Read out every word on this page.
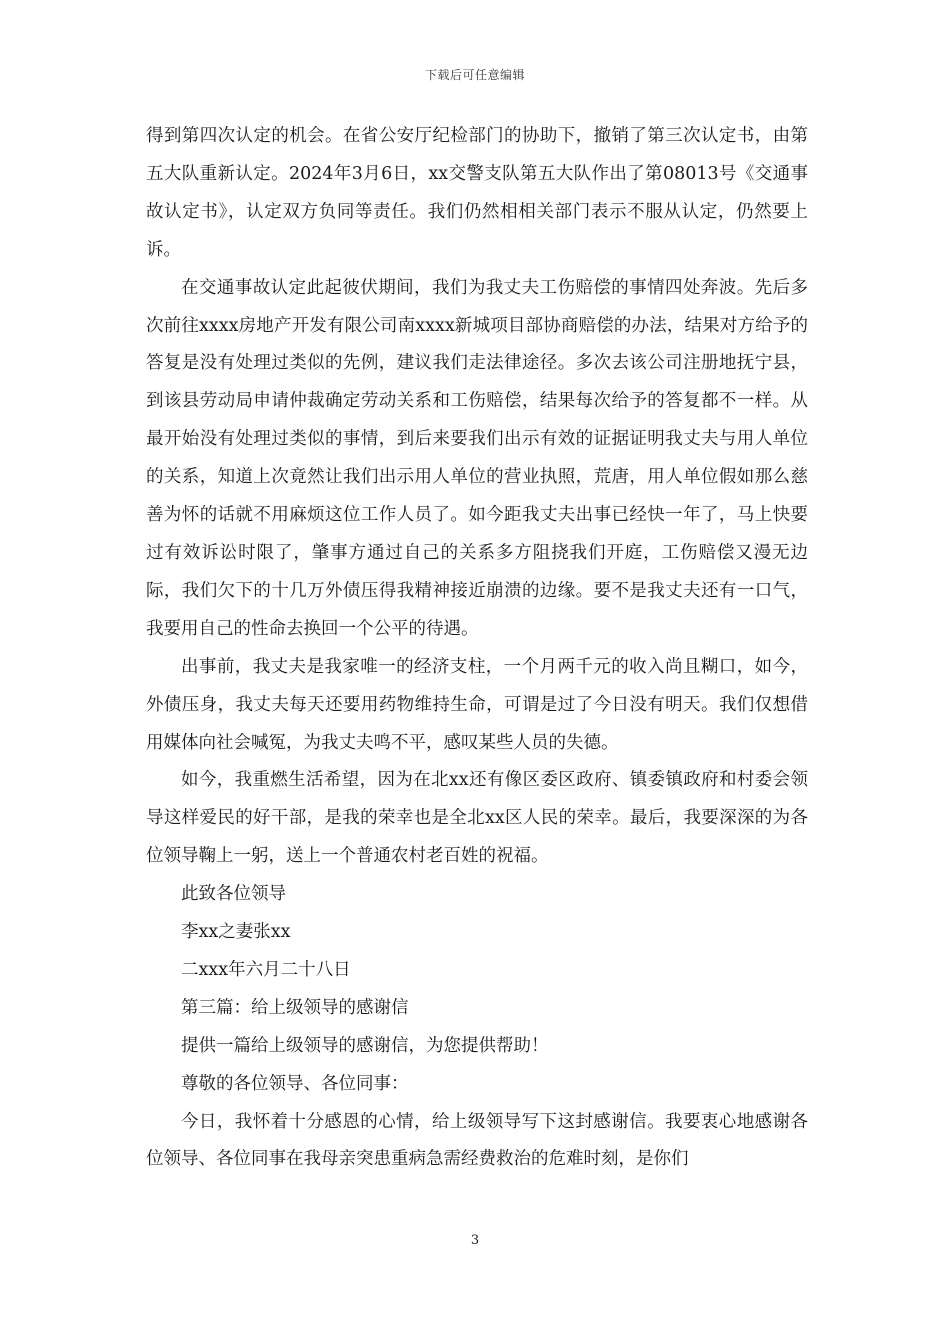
下载后可任意编辑

得到第四次认定的机会。在省公安厅纪检部门的协助下，撤销了第三次认定书，由第五大队重新认定。2024年3月6日，xx交警支队第五大队作出了第08013号《交通事故认定书》，认定双方负同等责任。我们仍然相相关部门表示不服从认定，仍然要上诉。

在交通事故认定此起彼伏期间，我们为我丈夫工伤赔偿的事情四处奔波。先后多次前往xxxx房地产开发有限公司南xxxx新城项目部协商赔偿的办法，结果对方给予的答复是没有处理过类似的先例，建议我们走法律途径。多次去该公司注册地抚宁县，到该县劳动局申请仲裁确定劳动关系和工伤赔偿，结果每次给予的答复都不一样。从最开始没有处理过类似的事情，到后来要我们出示有效的证据证明我丈夫与用人单位的关系，知道上次竟然让我们出示用人单位的营业执照，荒唐，用人单位假如那么慈善为怀的话就不用麻烦这位工作人员了。如今距我丈夫出事已经快一年了，马上快要过有效诉讼时限了，肇事方通过自己的关系多方阻挠我们开庭，工伤赔偿又漫无边际，我们欠下的十几万外债压得我精神接近崩溃的边缘。要不是我丈夫还有一口气，我要用自己的性命去换回一个公平的待遇。

出事前，我丈夫是我家唯一的经济支柱，一个月两千元的收入尚且糊口，如今，外债压身，我丈夫每天还要用药物维持生命，可谓是过了今日没有明天。我们仅想借用媒体向社会喊冤，为我丈夫鸣不平，感叹某些人员的失德。

如今，我重燃生活希望，因为在北xx还有像区委区政府、镇委镇政府和村委会领导这样爱民的好干部，是我的荣幸也是全北xx区人民的荣幸。最后，我要深深的为各位领导鞠上一躬，送上一个普通农村老百姓的祝福。

此致各位领导

李xx之妻张xx

二xxx年六月二十八日

第三篇：给上级领导的感谢信

提供一篇给上级领导的感谢信，为您提供帮助！

尊敬的各位领导、各位同事：

今日，我怀着十分感恩的心情，给上级领导写下这封感谢信。我要衷心地感谢各位领导、各位同事在我母亲突患重病急需经费救治的危难时刻，是你们

3
